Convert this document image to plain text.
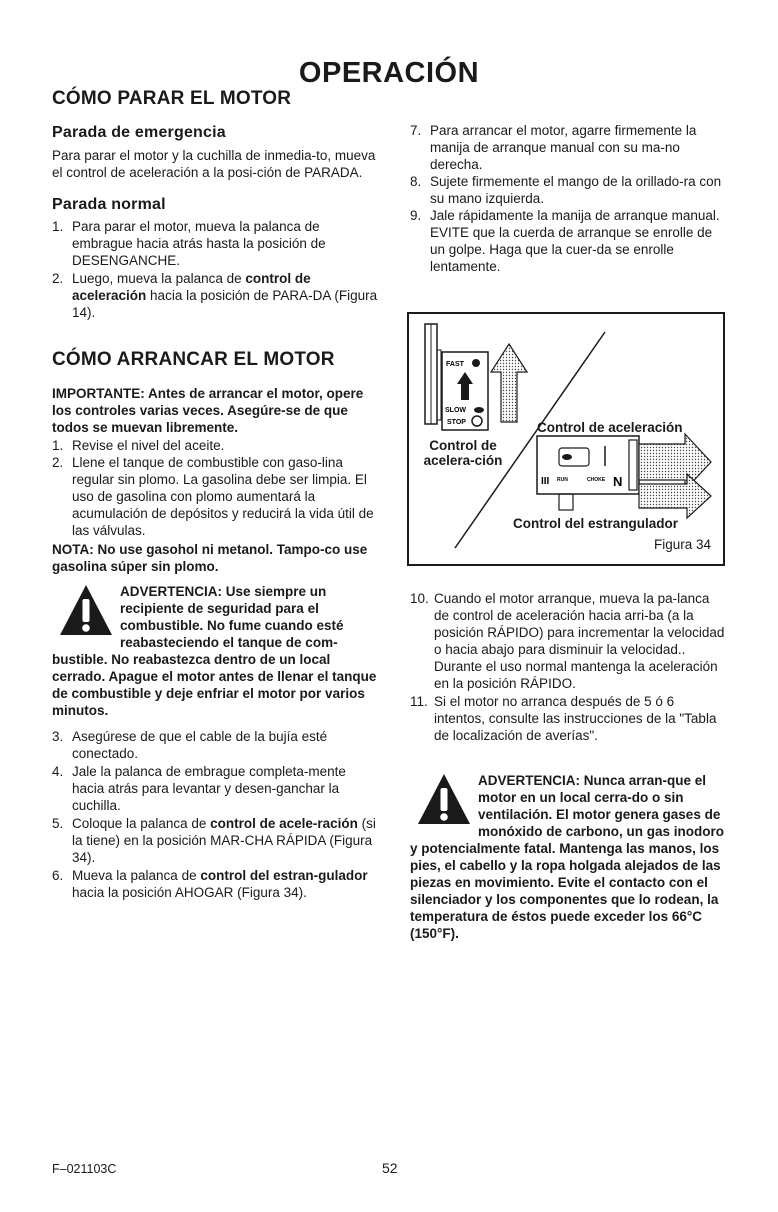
OPERACIÓN
CÓMO PARAR EL MOTOR
Parada de emergencia

Para parar el motor y la cuchilla de inmedia-to, mueva el control de aceleración a la posi-ción de PARADA.

Parada normal
1. Para parar el motor, mueva la palanca de embrague hacia atrás hasta la posición de DESENGANCHE.
2. Luego, mueva la palanca de control de aceleración hacia la posición de PARA-DA (Figura 14).
CÓMO ARRANCAR EL MOTOR

IMPORTANTE: Antes de arrancar el motor, opere los controles varias veces. Asegúre-se de que todos se muevan libremente.

1. Revise el nivel del aceite.
2. Llene el tanque de combustible con gaso-lina regular sin plomo. La gasolina debe ser limpia. El uso de gasolina con plomo aumentará la acumulación de depósitos y reducirá la vida útil de las válvulas.

NOTA: No use gasohol ni metanol. Tampo-co use gasolina súper sin plomo.

ADVERTENCIA: Use siempre un recipiente de seguridad para el combustible. No fume cuando esté reabasteciendo el tanque de com-bustible. No reabastezca dentro de un local cerrado. Apague el motor antes de llenar el tanque de combustible y deje enfriar el motor por varios minutos.
3. Asegúrese de que el cable de la bujía esté conectado.
4. Jale la palanca de embrague completa-mente hacia atrás para levantar y desen-ganchar la cuchilla.
5. Coloque la palanca de control de acele-ración (si la tiene) en la posición MAR-CHA RÁPIDA (Figura 34).
6. Mueva la palanca de control del estran-gulador hacia la posición AHOGAR (Figura 34).
7. Para arrancar el motor, agarre firmemente la manija de arranque manual con su ma-no derecha.
8. Sujete firmemente el mango de la orillado-ra con su mano izquierda.
9. Jale rápidamente la manija de arranque manual. EVITE que la cuerda de arranque se enrolle de un golpe. Haga que la cuer-da se enrolle lentamente.
FAST
SLOW
STOP
III RUN	CHOKE N
Control de aceleración
Control de acelera-ción
Control del estrangulador
Figura 34
10. Cuando el motor arranque, mueva la pa-lanca de control de aceleración hacia arri-ba (a la posición RÁPIDO) para incrementar la velocidad o hacia abajo para disminuir la velocidad.. Durante el uso normal mantenga la aceleración en la posición RÁPIDO.
11. Si el motor no arranca después de 5 ó 6 intentos, consulte las instrucciones de la "Tabla de localización de averías".
ADVERTENCIA: Nunca arran-que el motor en un local cerra-do o sin ventilación. El motor genera gases de monóxido de carbono, un gas inodoro y potencialmente fatal. Mantenga las manos, los pies, el cabello y la ropa holgada alejados de las piezas en movimiento. Evite el contacto con el silenciador y los componentes que lo rodean, la temperatura de éstos puede exceder los 66°C (150°F).
F–021103C	52
